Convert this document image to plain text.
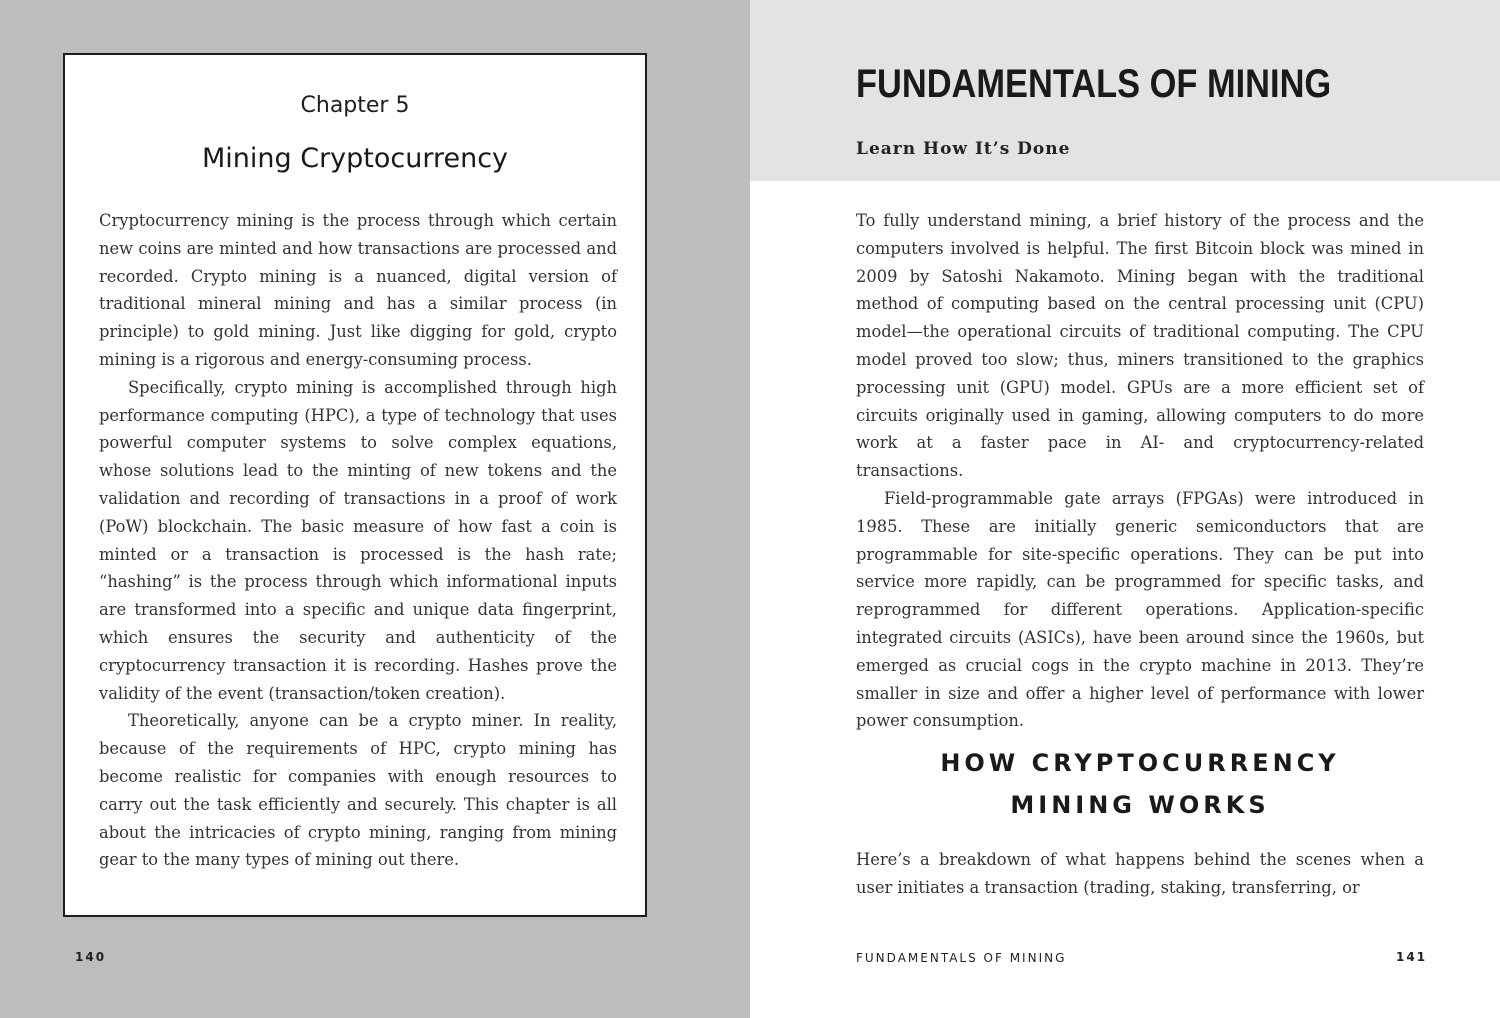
Chapter 5
Mining Cryptocurrency

Cryptocurrency mining is the process through which certain new coins are minted and how transactions are processed and recorded. Crypto mining is a nuanced, digital version of traditional mineral mining and has a similar process (in principle) to gold mining. Just like digging for gold, crypto mining is a rigorous and energy-consuming process.

Specifically, crypto mining is accomplished through high performance computing (HPC), a type of technology that uses powerful computer systems to solve complex equations, whose solutions lead to the minting of new tokens and the validation and recording of transactions in a proof of work (PoW) blockchain. The basic measure of how fast a coin is minted or a transaction is processed is the hash rate; “hashing” is the process through which informational inputs are transformed into a specific and unique data fingerprint, which ensures the security and authenticity of the cryptocurrency transaction it is recording. Hashes prove the validity of the event (transaction/token creation).

Theoretically, anyone can be a crypto miner. In reality, because of the requirements of HPC, crypto mining has become realistic for companies with enough resources to carry out the task efficiently and securely. This chapter is all about the intricacies of crypto mining, ranging from mining gear to the many types of mining out there.

140
FUNDAMENTALS OF MINING
Learn How It’s Done

To fully understand mining, a brief history of the process and the computers involved is helpful. The first Bitcoin block was mined in 2009 by Satoshi Nakamoto. Mining began with the traditional method of computing based on the central processing unit (CPU) model—the operational circuits of traditional computing. The CPU model proved too slow; thus, miners transitioned to the graphics processing unit (GPU) model. GPUs are a more efficient set of circuits originally used in gaming, allowing computers to do more work at a faster pace in AI- and cryptocurrency-related transactions.

Field-programmable gate arrays (FPGAs) were introduced in 1985. These are initially generic semiconductors that are programmable for site-specific operations. They can be put into service more rapidly, can be programmed for specific tasks, and reprogrammed for different operations. Application-specific integrated circuits (ASICs), have been around since the 1960s, but emerged as crucial cogs in the crypto machine in 2013. They’re smaller in size and offer a higher level of performance with lower power consumption.

HOW CRYPTOCURRENCY
MINING WORKS

Here’s a breakdown of what happens behind the scenes when a user initiates a transaction (trading, staking, transferring, or

FUNDAMENTALS OF MINING	141
